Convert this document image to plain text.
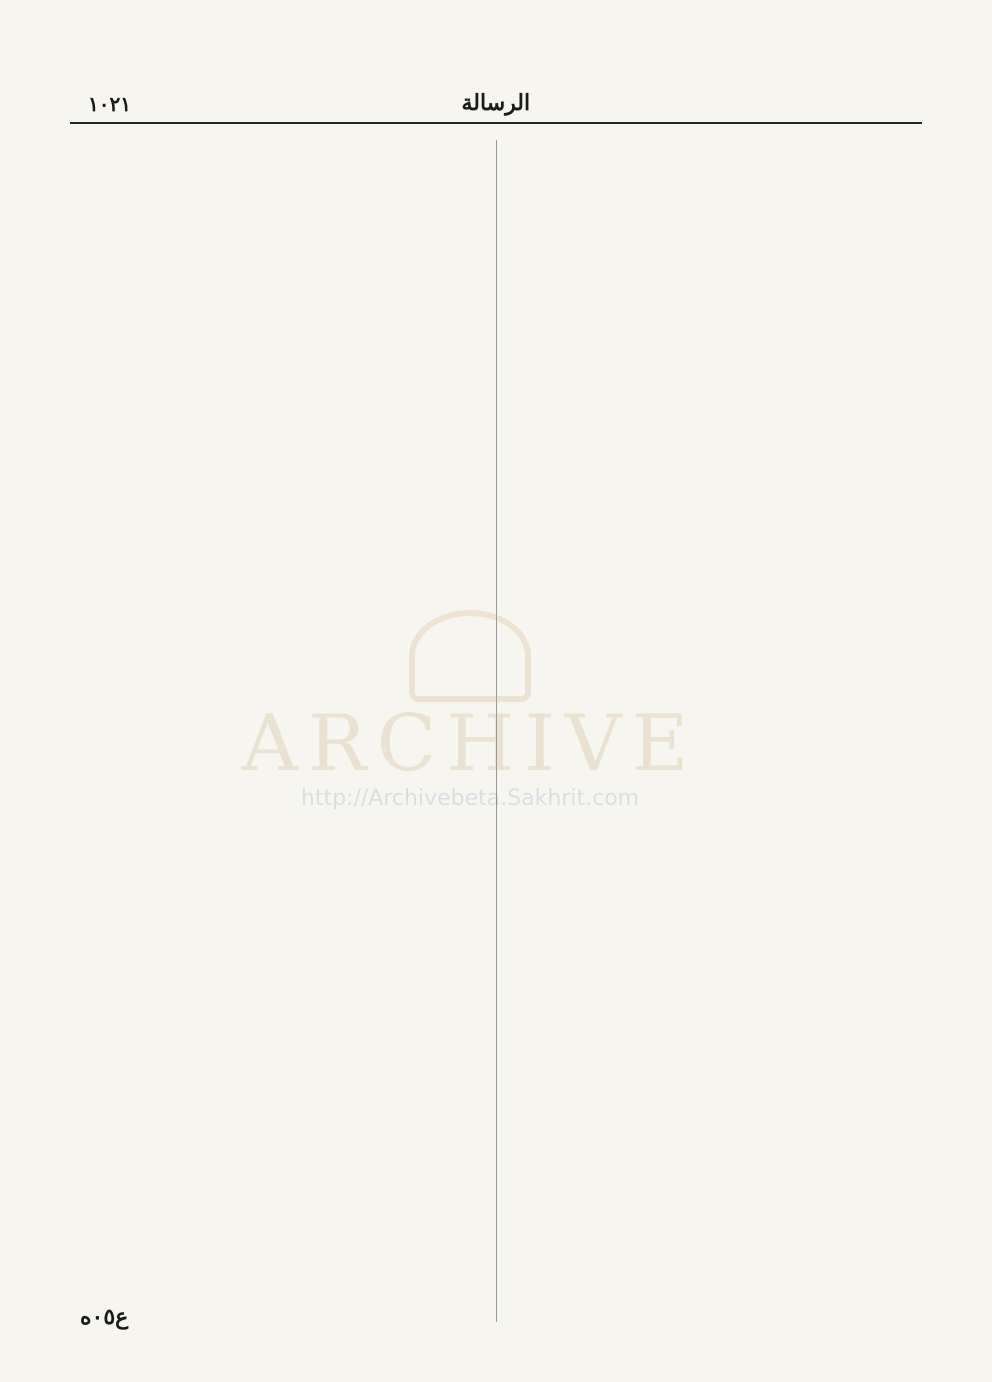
الرسالة
١٠٢١
ARCHIVE
http://Archivebeta.Sakhrit.com
ع٠٥ه
